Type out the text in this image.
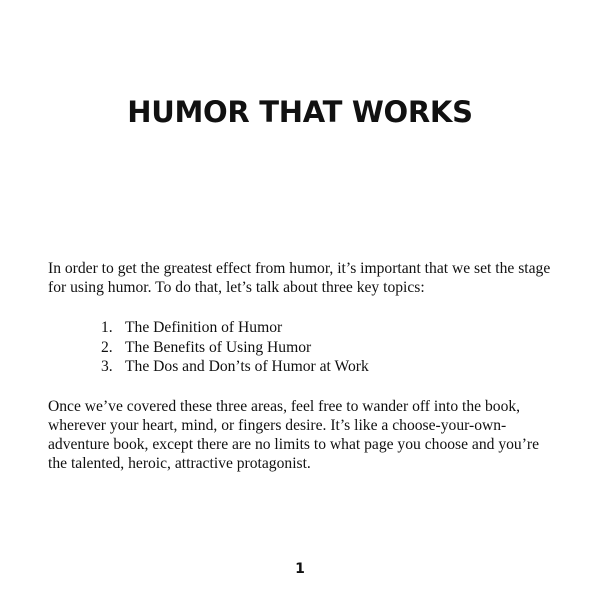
HUMOR THAT WORKS

In order to get the greatest effect from humor, it’s important that we set the stage for using humor. To do that, let’s talk about three key topics:

1. The Definition of Humor
2. The Benefits of Using Humor
3. The Dos and Don’ts of Humor at Work

Once we’ve covered these three areas, feel free to wander off into the book, wherever your heart, mind, or fingers desire. It’s like a choose-your-own-adventure book, except there are no limits to what page you choose and you’re the talented, heroic, attractive protagonist.

1
